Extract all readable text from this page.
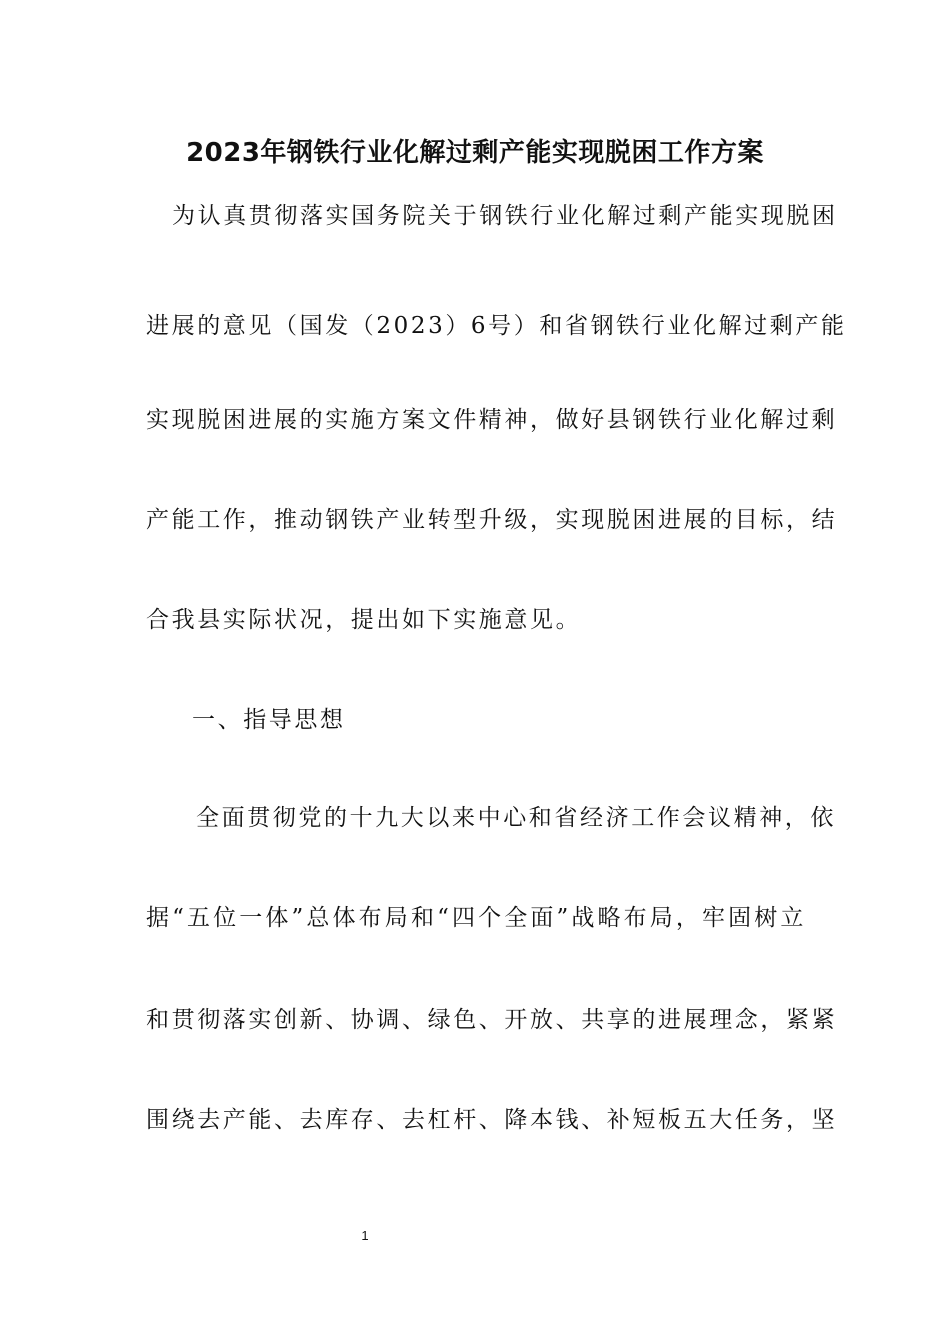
2023年钢铁行业化解过剩产能实现脱困工作方案
为认真贯彻落实国务院关于钢铁行业化解过剩产能实现脱困
进展的意见（国发（2023）6号）和省钢铁行业化解过剩产能
实现脱困进展的实施方案文件精神，做好县钢铁行业化解过剩
产能工作，推动钢铁产业转型升级，实现脱困进展的目标，结
合我县实际状况，提出如下实施意见。
一、指导思想
全面贯彻党的十九大以来中心和省经济工作会议精神，依
据“五位一体”总体布局和“四个全面”战略布局，牢固树立
和贯彻落实创新、协调、绿色、开放、共享的进展理念，紧紧
围绕去产能、去库存、去杠杆、降本钱、补短板五大任务，坚
1
